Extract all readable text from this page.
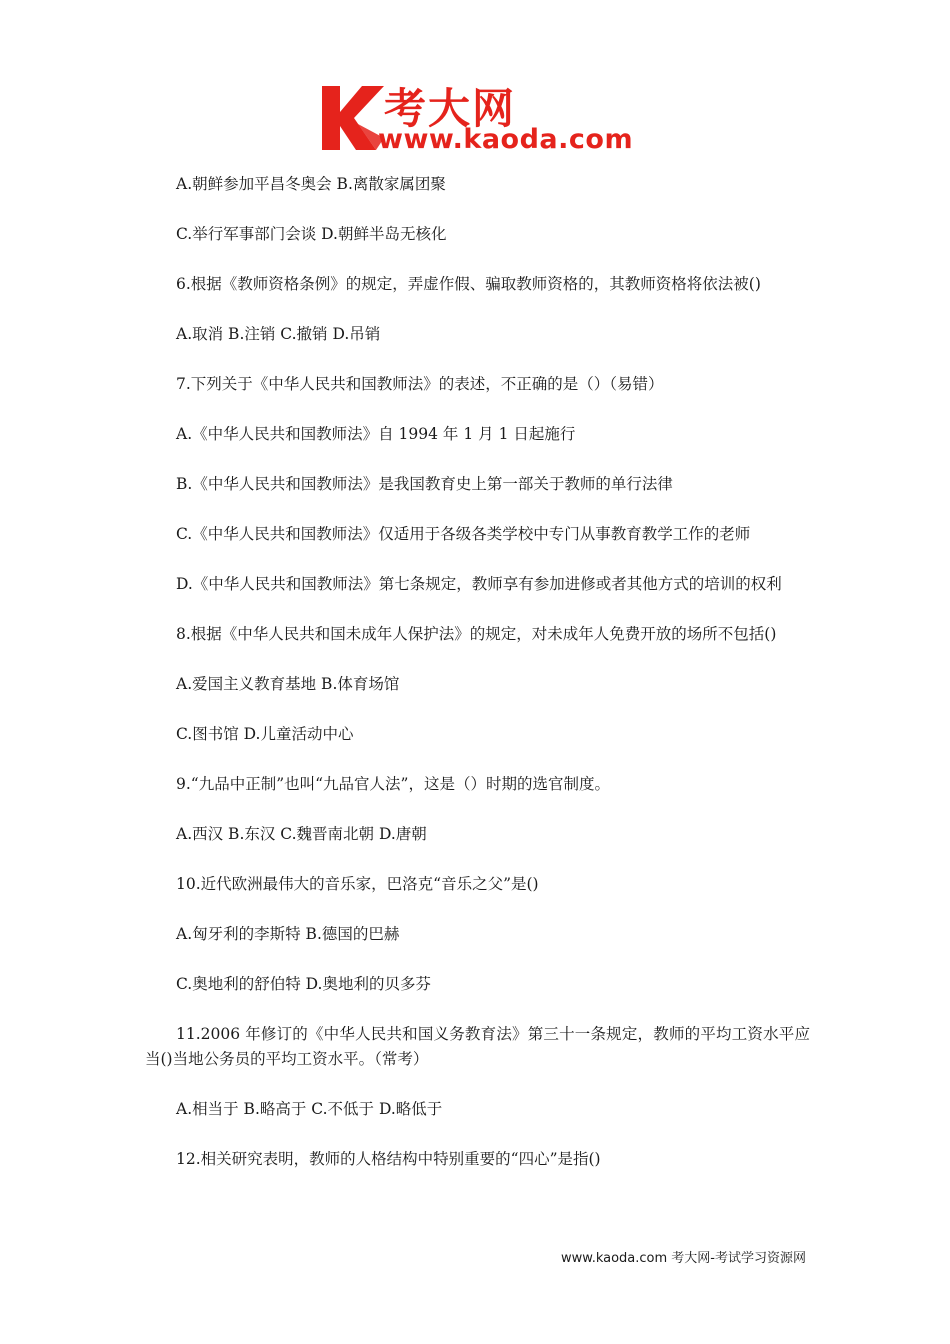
考大网
www.kaoda.com

A.朝鲜参加平昌冬奥会 B.离散家属团聚

C.举行军事部门会谈 D.朝鲜半岛无核化

6.根据《教师资格条例》的规定，弄虚作假、骗取教师资格的，其教师资格将依法被()

A.取消 B.注销 C.撤销 D.吊销

7.下列关于《中华人民共和国教师法》的表述，不正确的是（）（易错）

A.《中华人民共和国教师法》自 1994 年 1 月 1 日起施行

B.《中华人民共和国教师法》是我国教育史上第一部关于教师的单行法律

C.《中华人民共和国教师法》仅适用于各级各类学校中专门从事教育教学工作的老师

D.《中华人民共和国教师法》第七条规定，教师享有参加进修或者其他方式的培训的权利

8.根据《中华人民共和国未成年人保护法》的规定，对未成年人免费开放的场所不包括()

A.爱国主义教育基地 B.体育场馆

C.图书馆 D.儿童活动中心

9.“九品中正制”也叫“九品官人法”，这是（）时期的选官制度。

A.西汉 B.东汉 C.魏晋南北朝 D.唐朝

10.近代欧洲最伟大的音乐家，巴洛克“音乐之父”是()

A.匈牙利的李斯特 B.德国的巴赫

C.奥地利的舒伯特 D.奥地利的贝多芬

11.2006 年修订的《中华人民共和国义务教育法》第三十一条规定，教师的平均工资水平应当()当地公务员的平均工资水平。（常考）

A.相当于 B.略高于 C.不低于 D.略低于

12.相关研究表明，教师的人格结构中特别重要的“四心”是指()

www.kaoda.com 考大网-考试学习资源网
